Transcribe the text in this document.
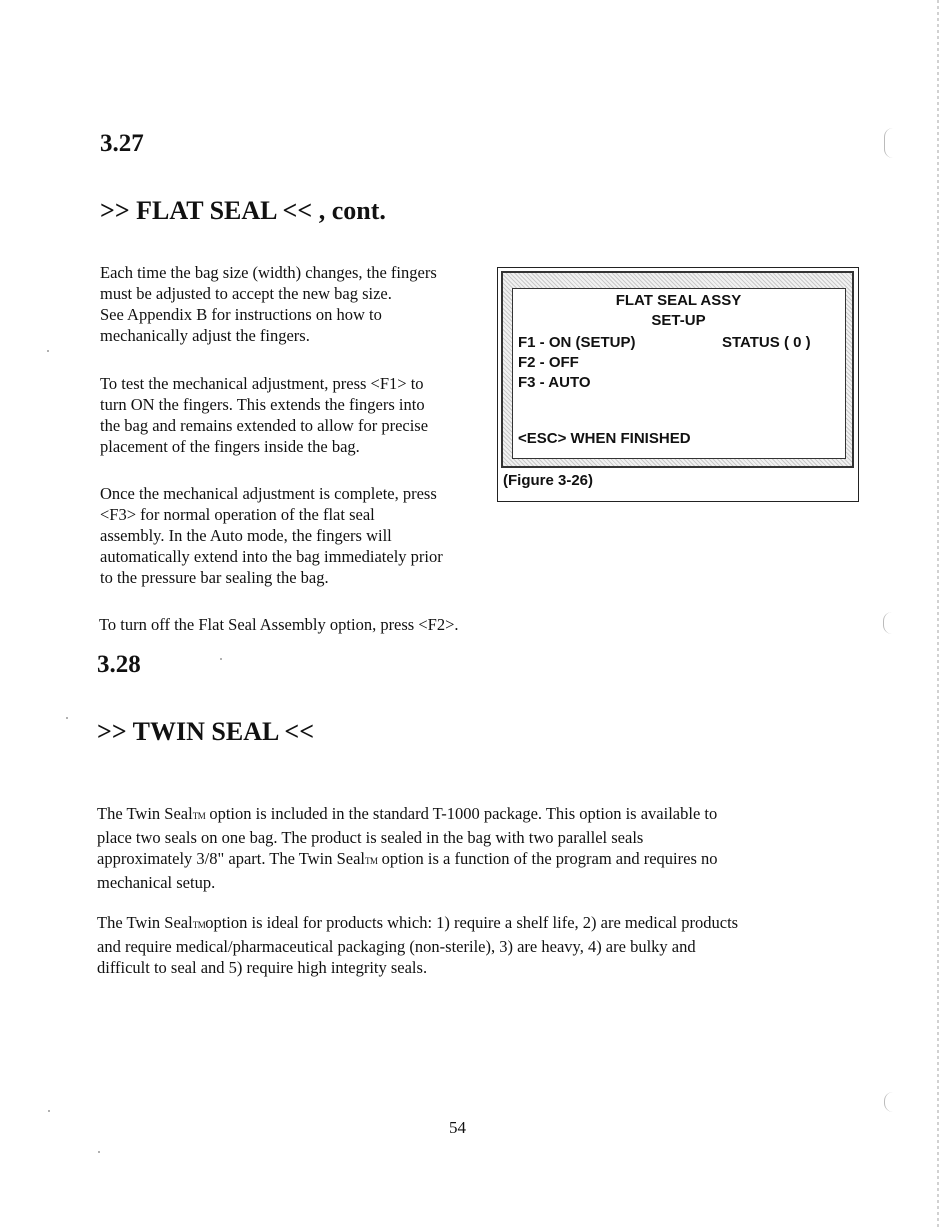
3.27
>> FLAT SEAL << , cont.
Each time the bag size (width) changes, the fingers
must be adjusted to accept the new bag size.
See Appendix B for instructions on how to
mechanically adjust the fingers.
To test the mechanical adjustment, press <F1> to
turn ON the fingers. This extends the fingers into
the bag and remains extended to allow for precise
placement of the fingers inside the bag.
Once the mechanical adjustment is complete, press
<F3> for normal operation of the flat seal
assembly. In the Auto mode, the fingers will
automatically extend into the bag immediately prior
to the pressure bar sealing the bag.
To turn off the Flat Seal Assembly option, press <F2>.
FLAT SEAL ASSY
SET-UP
F1 - ON (SETUP)	STATUS ( 0 )
F2 - OFF
F3 - AUTO
<ESC> WHEN FINISHED
(Figure 3-26)
3.28
>> TWIN SEAL <<
The Twin SealTM option is included in the standard T-1000 package. This option is available to
place two seals on one bag. The product is sealed in the bag with two parallel seals
approximately 3/8" apart. The Twin SealTM option is a function of the program and requires no
mechanical setup.
The Twin SealTMoption is ideal for products which: 1) require a shelf life, 2) are medical products
and require medical/pharmaceutical packaging (non-sterile), 3) are heavy, 4) are bulky and
difficult to seal and 5) require high integrity seals.
54
